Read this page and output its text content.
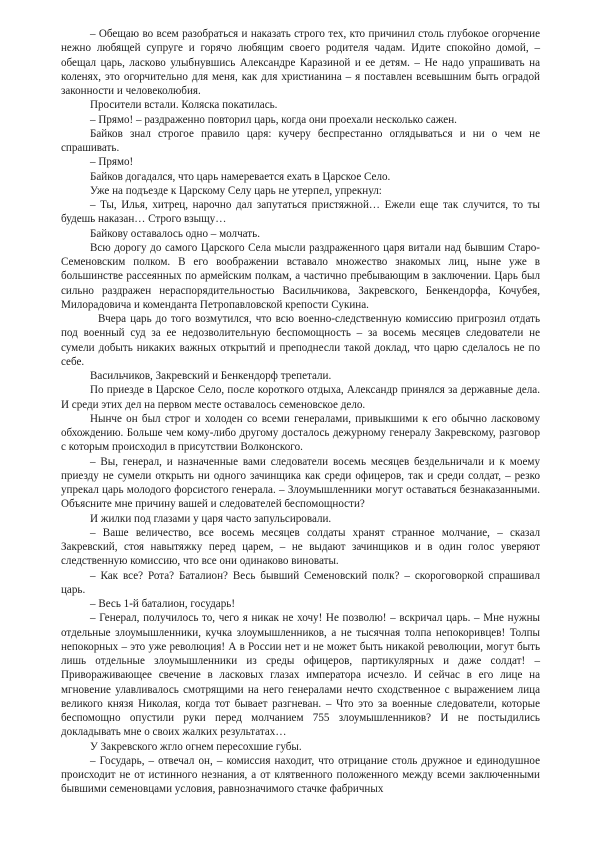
– Обещаю во всем разобраться и наказать строго тех, кто причинил столь глубокое огорчение нежно любящей супруге и горячо любящим своего родителя чадам. Идите спокойно домой, – обещал царь, ласково улыбнувшись Александре Каразиной и ее детям. – Не надо упрашивать на коленях, это огорчительно для меня, как для христианина – я поставлен всевышним быть оградой законности и человеколюбия.

Просители встали. Коляска покатилась.

– Прямо! – раздраженно повторил царь, когда они проехали несколько сажен.

Байков знал строгое правило царя: кучеру беспрестанно оглядываться и ни о чем не спрашивать.

– Прямо!

Байков догадался, что царь намеревается ехать в Царское Село.

Уже на подъезде к Царскому Селу царь не утерпел, упрекнул:

– Ты, Илья, хитрец, нарочно дал запутаться пристяжной… Ежели еще так случится, то ты будешь наказан… Строго взыщу…

Байкову оставалось одно – молчать.

Всю дорогу до самого Царского Села мысли раздраженного царя витали над бывшим Старо-Семеновским полком. В его воображении вставало множество знакомых лиц, ныне уже в большинстве рассеянных по армейским полкам, а частично пребывающим в заключении. Царь был сильно раздражен нераспорядительностью Васильчикова, Закревского, Бенкендорфа, Кочубея, Милорадовича и коменданта Петропавловской крепости Сукина.

Вчера царь до того возмутился, что всю военно-следственную комиссию пригрозил отдать под военный суд за ее недозволительную беспомощность – за восемь месяцев следователи не сумели добыть никаких важных открытий и преподнесли такой доклад, что царю сделалось не по себе.

Васильчиков, Закревский и Бенкендорф трепетали.

По приезде в Царское Село, после короткого отдыха, Александр принялся за державные дела. И среди этих дел на первом месте оставалось семеновское дело.

Нынче он был строг и холоден со всеми генералами, привыкшими к его обычно ласковому обхождению. Больше чем кому-либо другому досталось дежурному генералу Закревскому, разговор с которым происходил в присутствии Волконского.

– Вы, генерал, и назначенные вами следователи восемь месяцев бездельничали и к моему приезду не сумели открыть ни одного зачинщика как среди офицеров, так и среди солдат, – резко упрекал царь молодого форсистого генерала. – Злоумышленники могут оставаться безнаказанными. Объясните мне причину вашей и следователей беспомощности?

И жилки под глазами у царя часто запульсировали.

– Ваше величество, все восемь месяцев солдаты хранят странное молчание, – сказал Закревский, стоя навытяжку перед царем, – не выдают зачинщиков и в один голос уверяют следственную комиссию, что все они одинаково виноваты.

– Как все? Рота? Баталион? Весь бывший Семеновский полк? – скороговоркой спрашивал царь.

– Весь 1-й баталион, государь!

– Генерал, получилось то, чего я никак не хочу! Не позволю! – вскричал царь. – Мне нужны отдельные злоумышленники, кучка злоумышленников, а не тысячная толпа непокоривцев! Толпы непокорных – это уже революция! А в России нет и не может быть никакой революции, могут быть лишь отдельные злоумышленники из среды офицеров, партикулярных и даже солдат! – Привораживающее свечение в ласковых глазах императора исчезло. И сейчас в его лице на мгновение улавливалось смотрящими на него генералами нечто сходственное с выражением лица великого князя Николая, когда тот бывает разгневан. – Что это за военные следователи, которые беспомощно опустили руки перед молчанием 755 злоумышленников? И не постыдились докладывать мне о своих жалких результатах…

У Закревского жгло огнем пересохшие губы.

– Государь, – отвечал он, – комиссия находит, что отрицание столь дружное и единодушное происходит не от истинного незнания, а от клятвенного положенного между всеми заключенными бывшими семеновцами условия, равнозначимого стачке фабричных
